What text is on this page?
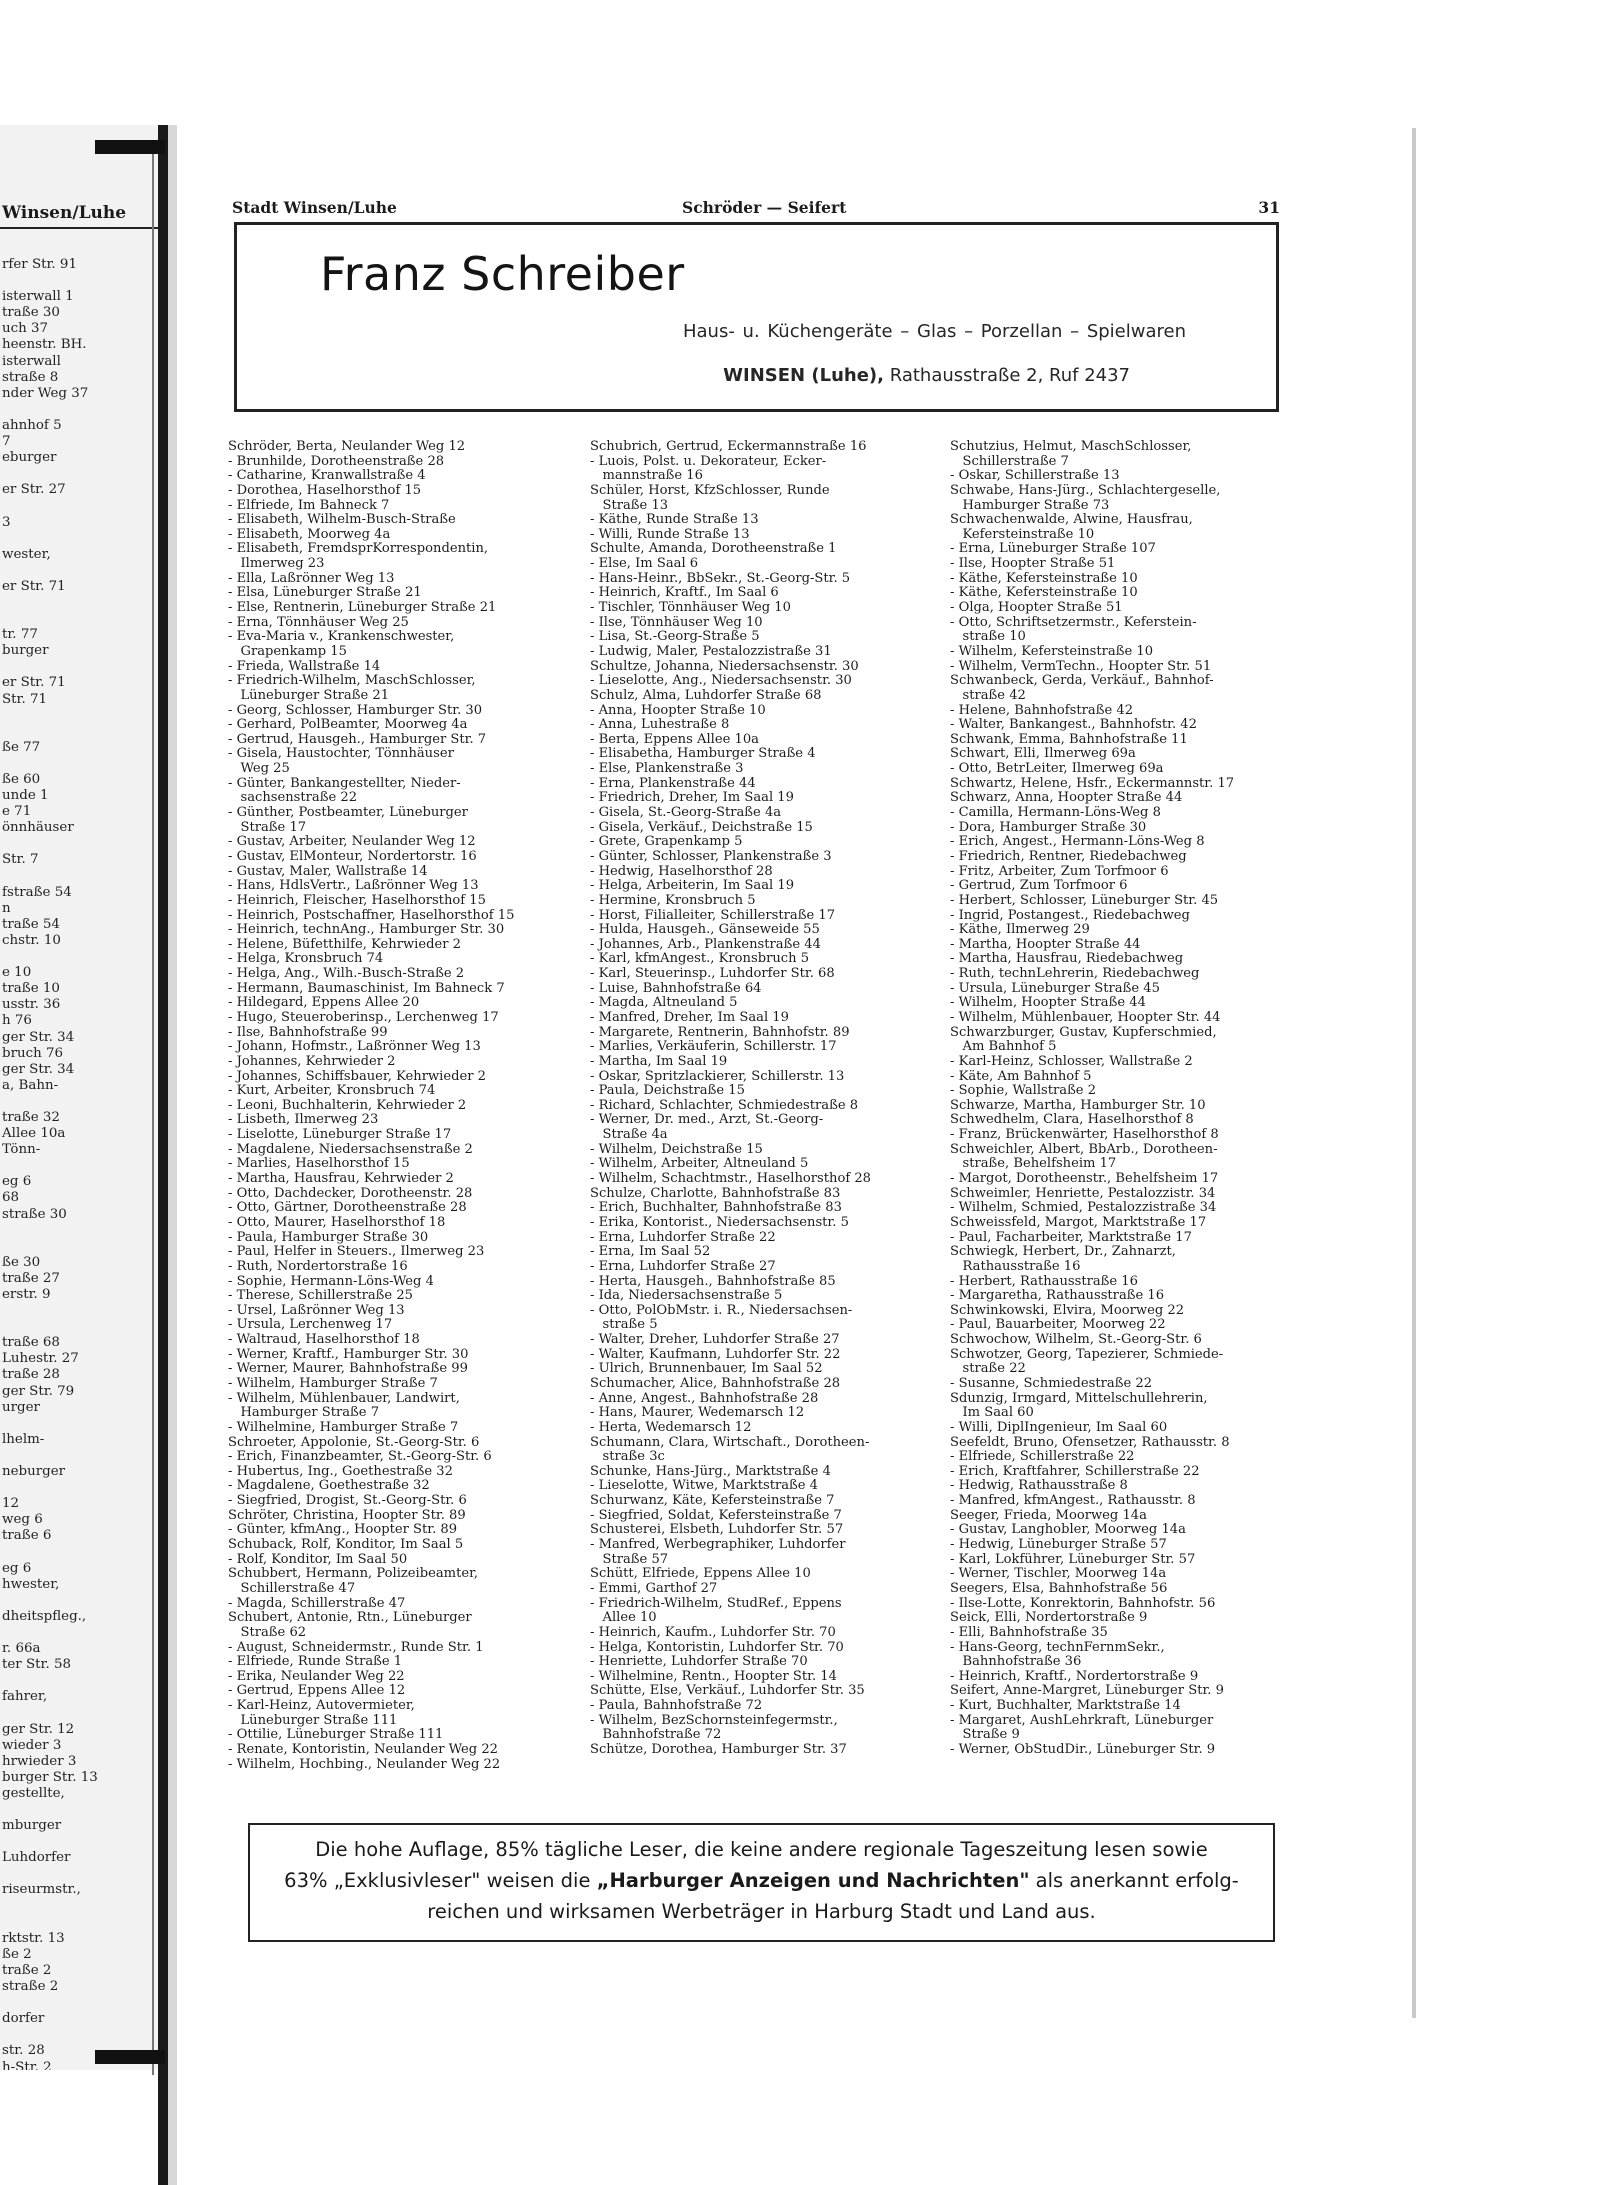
Winsen/Luhe
rfer Str. 91
isterwall 1
traße 30
uch 37
heenstr. BH.
isterwall
straße 8
nder Weg 37
ahnhof 5
7
eburger
er Str. 27
3
wester,
er Str. 71
tr. 77
burger
er Str. 71
Str. 71
ße 77
ße 60
unde 1
e 71
önnhäuser
Str. 7
fstraße 54
n
traße 54
chstr. 10
e 10
traße 10
usstr. 36
h 76
ger Str. 34
bruch 76
ger Str. 34
a, Bahn-
traße 32
Allee 10a
Tönn-
eg 6
68
straße 30
ße 30
traße 27
erstr. 9
traße 68
Luhestr. 27
traße 28
ger Str. 79
urger
lhelm-
neburger
12
weg 6
traße 6
eg 6
hwester,
dheitspfleg.,
r. 66a
ter Str. 58
fahrer,
ger Str. 12
wieder 3
hrwieder 3
burger Str. 13
gestellte,
mburger
Luhdorfer
riseurmstr.,
rktstr. 13
ße 2
traße 2
straße 2
dorfer
str. 28
h-Str. 2
Stadt Winsen/Luhe	Schröder — Seifert	31
Franz Schreiber
Haus- u. Küchengeräte – Glas – Porzellan – Spielwaren
WINSEN (Luhe), Rathausstraße 2, Ruf 2437
Schröder, Berta, Neulander Weg 12
- Brunhilde, Dorotheenstraße 28
- Catharine, Kranwallstraße 4
- Dorothea, Haselhorsthof 15
- Elfriede, Im Bahneck 7
- Elisabeth, Wilhelm-Busch-Straße
- Elisabeth, Moorweg 4a
- Elisabeth, FremdsprKorrespondentin,
Ilmerweg 23
- Ella, Laßrönner Weg 13
- Elsa, Lüneburger Straße 21
- Else, Rentnerin, Lüneburger Straße 21
- Erna, Tönnhäuser Weg 25
- Eva-Maria v., Krankenschwester,
Grapenkamp 15
- Frieda, Wallstraße 14
- Friedrich-Wilhelm, MaschSchlosser,
Lüneburger Straße 21
- Georg, Schlosser, Hamburger Str. 30
- Gerhard, PolBeamter, Moorweg 4a
- Gertrud, Hausgeh., Hamburger Str. 7
- Gisela, Haustochter, Tönnhäuser
Weg 25
- Günter, Bankangestellter, Nieder-
sachsenstraße 22
- Günther, Postbeamter, Lüneburger
Straße 17
- Gustav, Arbeiter, Neulander Weg 12
- Gustav, ElMonteur, Nordertorstr. 16
- Gustav, Maler, Wallstraße 14
- Hans, HdlsVertr., Laßrönner Weg 13
- Heinrich, Fleischer, Haselhorsthof 15
- Heinrich, Postschaffner, Haselhorsthof 15
- Heinrich, technAng., Hamburger Str. 30
- Helene, Büfetthilfe, Kehrwieder 2
- Helga, Kronsbruch 74
- Helga, Ang., Wilh.-Busch-Straße 2
- Hermann, Baumaschinist, Im Bahneck 7
- Hildegard, Eppens Allee 20
- Hugo, Steueroberinsp., Lerchenweg 17
- Ilse, Bahnhofstraße 99
- Johann, Hofmstr., Laßrönner Weg 13
- Johannes, Kehrwieder 2
- Johannes, Schiffsbauer, Kehrwieder 2
- Kurt, Arbeiter, Kronsbruch 74
- Leoni, Buchhalterin, Kehrwieder 2
- Lisbeth, Ilmerweg 23
- Liselotte, Lüneburger Straße 17
- Magdalene, Niedersachsenstraße 2
- Marlies, Haselhorsthof 15
- Martha, Hausfrau, Kehrwieder 2
- Otto, Dachdecker, Dorotheenstr. 28
- Otto, Gärtner, Dorotheenstraße 28
- Otto, Maurer, Haselhorsthof 18
- Paula, Hamburger Straße 30
- Paul, Helfer in Steuers., Ilmerweg 23
- Ruth, Nordertorstraße 16
- Sophie, Hermann-Löns-Weg 4
- Therese, Schillerstraße 25
- Ursel, Laßrönner Weg 13
- Ursula, Lerchenweg 17
- Waltraud, Haselhorsthof 18
- Werner, Kraftf., Hamburger Str. 30
- Werner, Maurer, Bahnhofstraße 99
- Wilhelm, Hamburger Straße 7
- Wilhelm, Mühlenbauer, Landwirt,
Hamburger Straße 7
- Wilhelmine, Hamburger Straße 7
Schroeter, Appolonie, St.-Georg-Str. 6
- Erich, Finanzbeamter, St.-Georg-Str. 6
- Hubertus, Ing., Goethestraße 32
- Magdalene, Goethestraße 32
- Siegfried, Drogist, St.-Georg-Str. 6
Schröter, Christina, Hoopter Str. 89
- Günter, kfmAng., Hoopter Str. 89
Schuback, Rolf, Konditor, Im Saal 5
- Rolf, Konditor, Im Saal 50
Schubbert, Hermann, Polizeibeamter,
Schillerstraße 47
- Magda, Schillerstraße 47
Schubert, Antonie, Rtn., Lüneburger
Straße 62
- August, Schneidermstr., Runde Str. 1
- Elfriede, Runde Straße 1
- Erika, Neulander Weg 22
- Gertrud, Eppens Allee 12
- Karl-Heinz, Autovermieter,
Lüneburger Straße 111
- Ottilie, Lüneburger Straße 111
- Renate, Kontoristin, Neulander Weg 22
- Wilhelm, Hochbing., Neulander Weg 22
Schubrich, Gertrud, Eckermannstraße 16
- Luois, Polst. u. Dekorateur, Ecker-
mannstraße 16
Schüler, Horst, KfzSchlosser, Runde
Straße 13
- Käthe, Runde Straße 13
- Willi, Runde Straße 13
Schulte, Amanda, Dorotheenstraße 1
- Else, Im Saal 6
- Hans-Heinr., BbSekr., St.-Georg-Str. 5
- Heinrich, Kraftf., Im Saal 6
- Tischler, Tönnhäuser Weg 10
- Ilse, Tönnhäuser Weg 10
- Lisa, St.-Georg-Straße 5
- Ludwig, Maler, Pestalozzistraße 31
Schultze, Johanna, Niedersachsenstr. 30
- Lieselotte, Ang., Niedersachsenstr. 30
Schulz, Alma, Luhdorfer Straße 68
- Anna, Hoopter Straße 10
- Anna, Luhestraße 8
- Berta, Eppens Allee 10a
- Elisabetha, Hamburger Straße 4
- Else, Plankenstraße 3
- Erna, Plankenstraße 44
- Friedrich, Dreher, Im Saal 19
- Gisela, St.-Georg-Straße 4a
- Gisela, Verkäuf., Deichstraße 15
- Grete, Grapenkamp 5
- Günter, Schlosser, Plankenstraße 3
- Hedwig, Haselhorsthof 28
- Helga, Arbeiterin, Im Saal 19
- Hermine, Kronsbruch 5
- Horst, Filialleiter, Schillerstraße 17
- Hulda, Hausgeh., Gänseweide 55
- Johannes, Arb., Plankenstraße 44
- Karl, kfmAngest., Kronsbruch 5
- Karl, Steuerinsp., Luhdorfer Str. 68
- Luise, Bahnhofstraße 64
- Magda, Altneuland 5
- Manfred, Dreher, Im Saal 19
- Margarete, Rentnerin, Bahnhofstr. 89
- Marlies, Verkäuferin, Schillerstr. 17
- Martha, Im Saal 19
- Oskar, Spritzlackierer, Schillerstr. 13
- Paula, Deichstraße 15
- Richard, Schlachter, Schmiedestraße 8
- Werner, Dr. med., Arzt, St.-Georg-
Straße 4a
- Wilhelm, Deichstraße 15
- Wilhelm, Arbeiter, Altneuland 5
- Wilhelm, Schachtmstr., Haselhorsthof 28
Schulze, Charlotte, Bahnhofstraße 83
- Erich, Buchhalter, Bahnhofstraße 83
- Erika, Kontorist., Niedersachsenstr. 5
- Erna, Luhdorfer Straße 22
- Erna, Im Saal 52
- Erna, Luhdorfer Straße 27
- Herta, Hausgeh., Bahnhofstraße 85
- Ida, Niedersachsenstraße 5
- Otto, PolObMstr. i. R., Niedersachsen-
straße 5
- Walter, Dreher, Luhdorfer Straße 27
- Walter, Kaufmann, Luhdorfer Str. 22
- Ulrich, Brunnenbauer, Im Saal 52
Schumacher, Alice, Bahnhofstraße 28
- Änne, Angest., Bahnhofstraße 28
- Hans, Maurer, Wedemarsch 12
- Herta, Wedemarsch 12
Schumann, Clara, Wirtschaft., Dorotheen-
straße 3c
Schunke, Hans-Jürg., Marktstraße 4
- Lieselotte, Witwe, Marktstraße 4
Schurwanz, Käte, Kefersteinstraße 7
- Siegfried, Soldat, Kefersteinstraße 7
Schusterei, Elsbeth, Luhdorfer Str. 57
- Manfred, Werbegraphiker, Luhdorfer
Straße 57
Schütt, Elfriede, Eppens Allee 10
- Emmi, Garthof 27
- Friedrich-Wilhelm, StudRef., Eppens
Allee 10
- Heinrich, Kaufm., Luhdorfer Str. 70
- Helga, Kontoristin, Luhdorfer Str. 70
- Henriette, Luhdorfer Straße 70
- Wilhelmine, Rentn., Hoopter Str. 14
Schütte, Else, Verkäuf., Luhdorfer Str. 35
- Paula, Bahnhofstraße 72
- Wilhelm, BezSchornsteinfegermstr.,
Bahnhofstraße 72
Schütze, Dorothea, Hamburger Str. 37
Schutzius, Helmut, MaschSchlosser,
Schillerstraße 7
- Oskar, Schillerstraße 13
Schwabe, Hans-Jürg., Schlachtergeselle,
Hamburger Straße 73
Schwachenwalde, Alwine, Hausfrau,
Kefersteinstraße 10
- Erna, Lüneburger Straße 107
- Ilse, Hoopter Straße 51
- Käthe, Kefersteinstraße 10
- Käthe, Kefersteinstraße 10
- Olga, Hoopter Straße 51
- Otto, Schriftsetzermstr., Keferstein-
straße 10
- Wilhelm, Kefersteinstraße 10
- Wilhelm, VermTechn., Hoopter Str. 51
Schwanbeck, Gerda, Verkäuf., Bahnhof-
straße 42
- Helene, Bahnhofstraße 42
- Walter, Bankangest., Bahnhofstr. 42
Schwank, Emma, Bahnhofstraße 11
Schwart, Elli, Ilmerweg 69a
- Otto, BetrLeiter, Ilmerweg 69a
Schwartz, Helene, Hsfr., Eckermannstr. 17
Schwarz, Anna, Hoopter Straße 44
- Camilla, Hermann-Löns-Weg 8
- Dora, Hamburger Straße 30
- Erich, Angest., Hermann-Löns-Weg 8
- Friedrich, Rentner, Riedebachweg
- Fritz, Arbeiter, Zum Torfmoor 6
- Gertrud, Zum Torfmoor 6
- Herbert, Schlosser, Lüneburger Str. 45
- Ingrid, Postangest., Riedebachweg
- Käthe, Ilmerweg 29
- Martha, Hoopter Straße 44
- Martha, Hausfrau, Riedebachweg
- Ruth, technLehrerin, Riedebachweg
- Ursula, Lüneburger Straße 45
- Wilhelm, Hoopter Straße 44
- Wilhelm, Mühlenbauer, Hoopter Str. 44
Schwarzburger, Gustav, Kupferschmied,
Am Bahnhof 5
- Karl-Heinz, Schlosser, Wallstraße 2
- Käte, Am Bahnhof 5
- Sophie, Wallstraße 2
Schwarze, Martha, Hamburger Str. 10
Schwedhelm, Clara, Haselhorsthof 8
- Franz, Brückenwärter, Haselhorsthof 8
Schweichler, Albert, BbArb., Dorotheen-
straße, Behelfsheim 17
- Margot, Dorotheenstr., Behelfsheim 17
Schweimler, Henriette, Pestalozzistr. 34
- Wilhelm, Schmied, Pestalozzistraße 34
Schweissfeld, Margot, Marktstraße 17
- Paul, Facharbeiter, Marktstraße 17
Schwiegk, Herbert, Dr., Zahnarzt,
Rathausstraße 16
- Herbert, Rathausstraße 16
- Margaretha, Rathausstraße 16
Schwinkowski, Elvira, Moorweg 22
- Paul, Bauarbeiter, Moorweg 22
Schwochow, Wilhelm, St.-Georg-Str. 6
Schwotzer, Georg, Tapezierer, Schmiede-
straße 22
- Susanne, Schmiedestraße 22
Sdunzig, Irmgard, Mittelschullehrerin,
Im Saal 60
- Willi, DiplIngenieur, Im Saal 60
Seefeldt, Bruno, Ofensetzer, Rathausstr. 8
- Elfriede, Schillerstraße 22
- Erich, Kraftfahrer, Schillerstraße 22
- Hedwig, Rathausstraße 8
- Manfred, kfmAngest., Rathausstr. 8
Seeger, Frieda, Moorweg 14a
- Gustav, Langhobler, Moorweg 14a
- Hedwig, Lüneburger Straße 57
- Karl, Lokführer, Lüneburger Str. 57
- Werner, Tischler, Moorweg 14a
Seegers, Elsa, Bahnhofstraße 56
- Ilse-Lotte, Konrektorin, Bahnhofstr. 56
Seick, Elli, Nordertorstraße 9
- Elli, Bahnhofstraße 35
- Hans-Georg, technFernmSekr.,
Bahnhofstraße 36
- Heinrich, Kraftf., Nordertorstraße 9
Seifert, Anne-Margret, Lüneburger Str. 9
- Kurt, Buchhalter, Marktstraße 14
- Margaret, AushLehrkraft, Lüneburger
Straße 9
- Werner, ObStudDir., Lüneburger Str. 9
Die hohe Auflage, 85% tägliche Leser, die keine andere regionale Tageszeitung lesen sowie
63% „Exklusivleser" weisen die „Harburger Anzeigen und Nachrichten" als anerkannt erfolg-
reichen und wirksamen Werbeträger in Harburg Stadt und Land aus.
